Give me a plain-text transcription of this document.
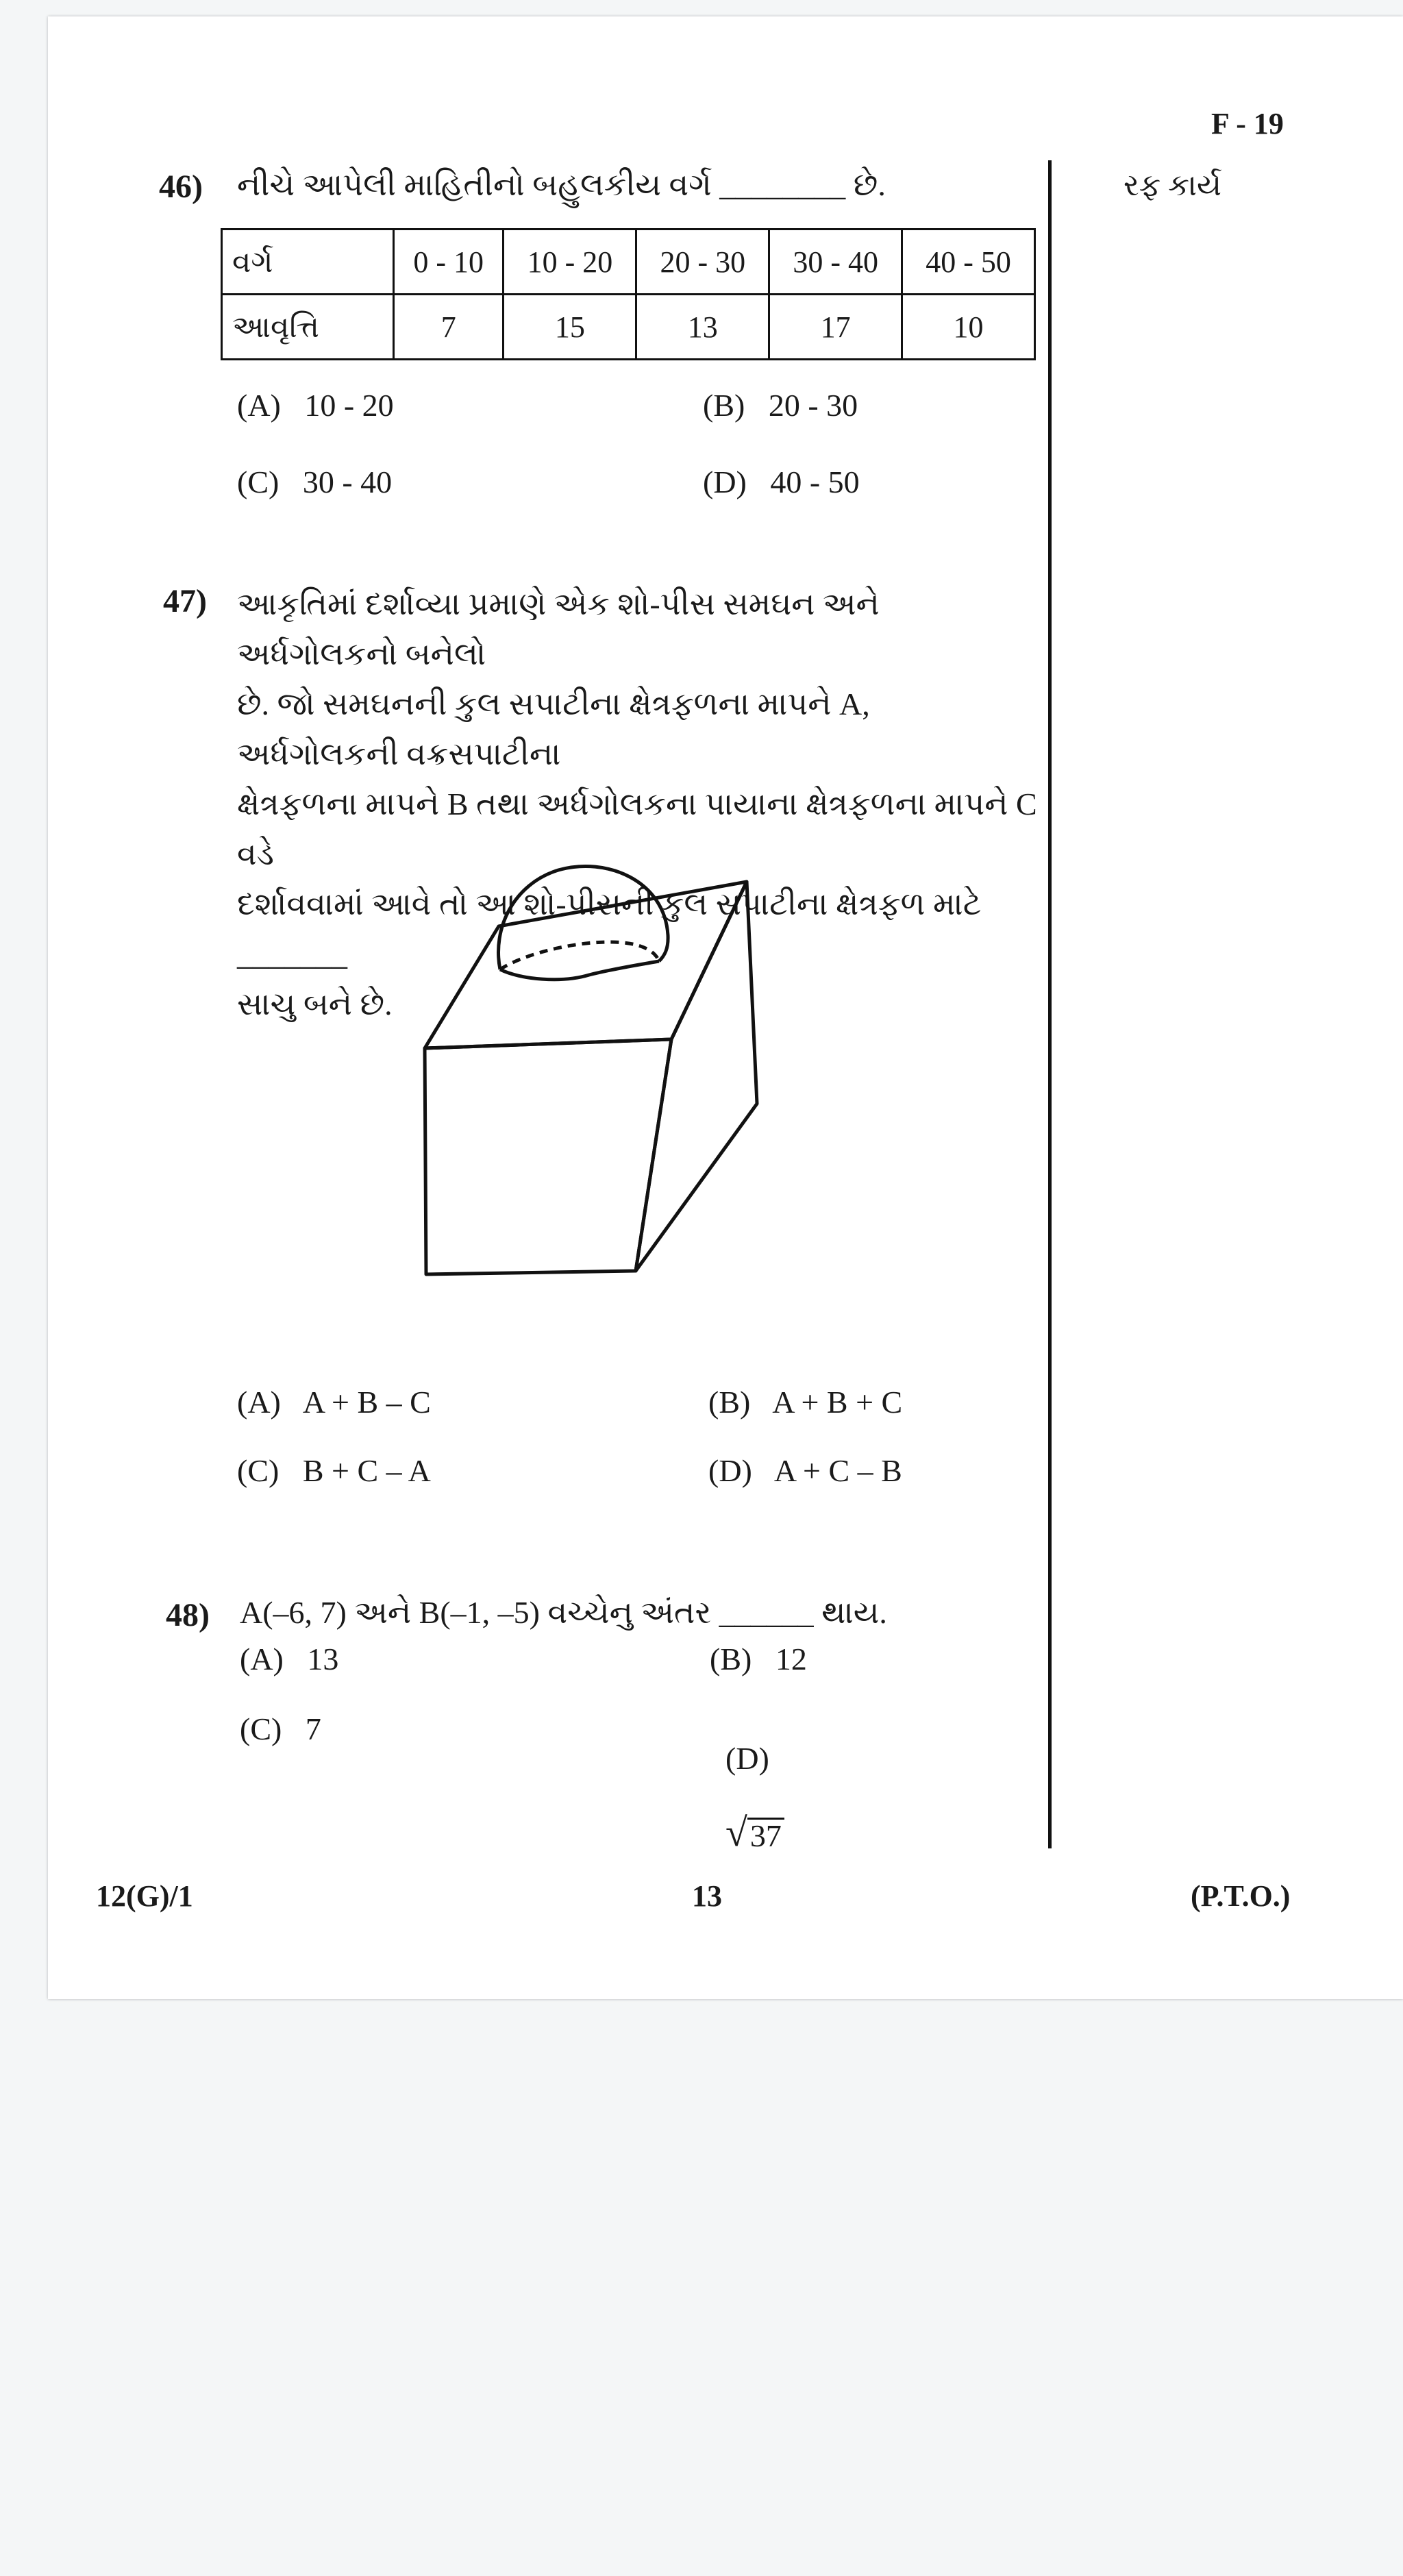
F - 19
રફ કાર્ય
46) નીચે આપેલી માહિતીનો બહુલકીય વર્ગ ________ છે.
વર્ગ	0 - 10	10 - 20	20 - 30	30 - 40	40 - 50
આવૃત્તિ	7	15	13	17	10
(A)   10 - 20	(B)   20 - 30
(C)   30 - 40	(D)   40 - 50
47) આકૃતિમાં દર્શાવ્યા પ્રમાણે એક શો-પીસ સમઘન અને અર્ધગોલકનો બનેલો
છે. જો સમઘનની કુલ સપાટીના ક્ષેત્રફળના માપને A, અર્ધગોલકની વક્રસપાટીના
ક્ષેત્રફળના માપને B તથા અર્ધગોલકના પાયાના ક્ષેત્રફળના માપને C વડે
દર્શાવવામાં આવે તો આ શો-પીસની કુલ સપાટીના ક્ષેત્રફળ માટે _______
સાચુ બને છે.
(A)   A + B – C	(B)   A + B + C
(C)   B + C – A	(D)   A + C – B
48) A(–6, 7) અને B(–1, –5) વચ્ચેનુ અંતર ______ થાય.
(A)   13	(B)   12
(C)   7

(D)

√ 37

12(G)/1	13	(P.T.O.)
